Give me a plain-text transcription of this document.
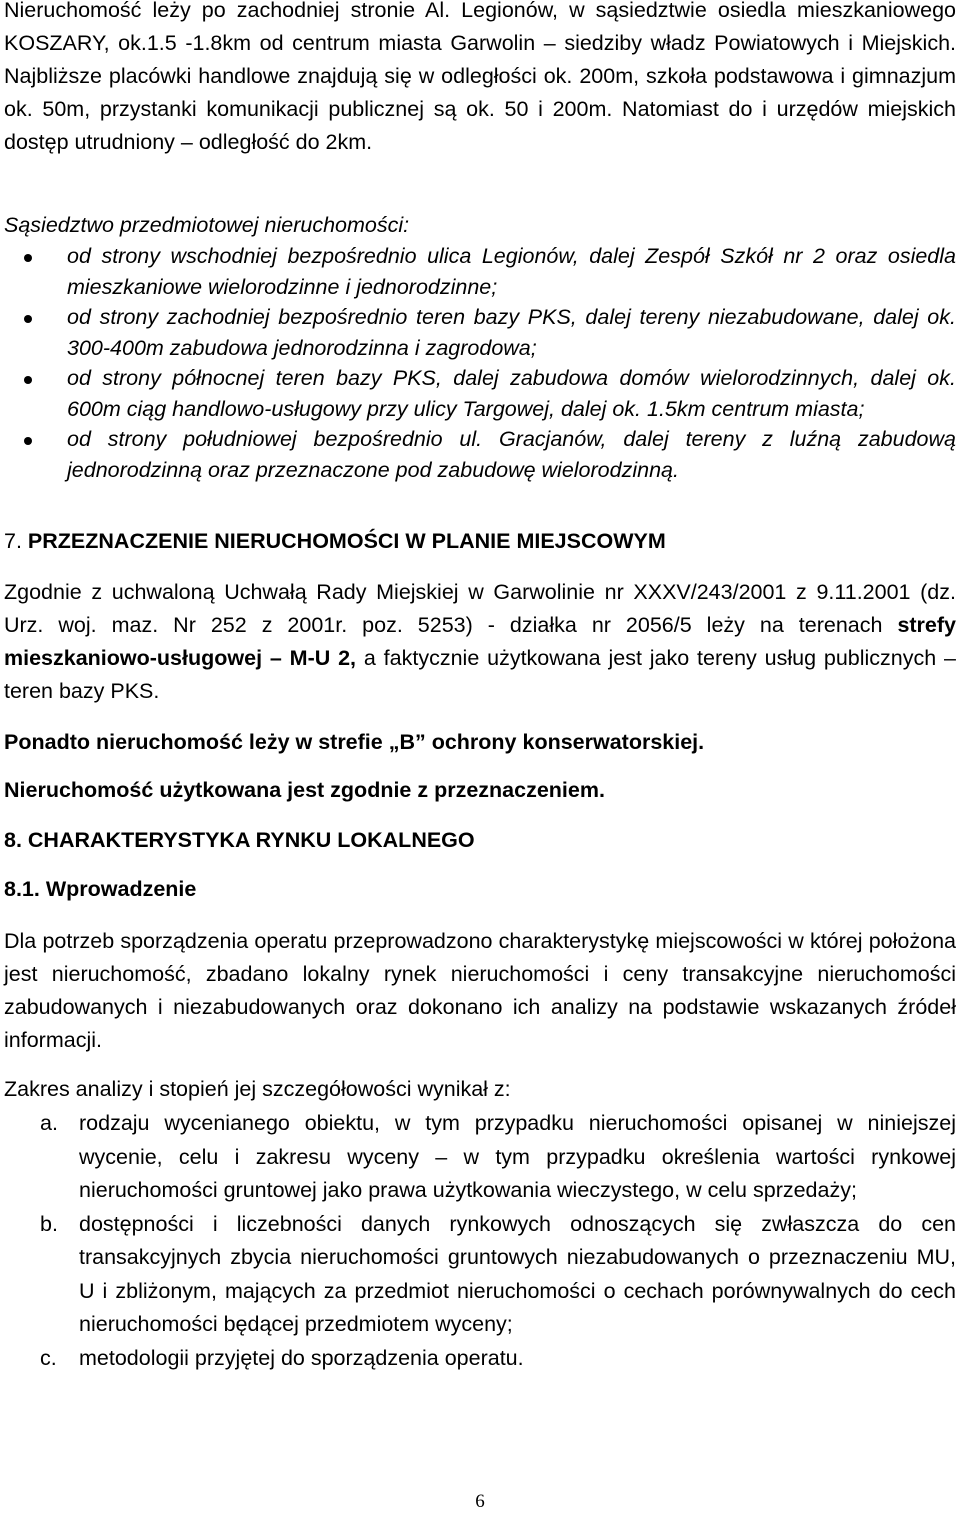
Nieruchomość leży po zachodniej stronie Al. Legionów, w sąsiedztwie osiedla mieszkaniowego KOSZARY, ok.1.5 -1.8km od centrum miasta Garwolin – siedziby władz Powiatowych i Miejskich. Najbliższe placówki handlowe znajdują się w odległości ok. 200m, szkoła podstawowa i gimnazjum ok. 50m, przystanki komunikacji publicznej są ok. 50 i 200m. Natomiast do i urzędów miejskich dostęp utrudniony – odległość do 2km.

Sąsiedztwo przedmiotowej nieruchomości:

od strony wschodniej bezpośrednio ulica Legionów, dalej Zespół Szkół nr 2 oraz osiedla mieszkaniowe wielorodzinne i jednorodzinne;
od strony zachodniej bezpośrednio teren bazy PKS, dalej tereny niezabudowane, dalej ok. 300-400m zabudowa jednorodzinna i zagrodowa;
od strony północnej teren bazy PKS, dalej zabudowa domów wielorodzinnych, dalej ok. 600m ciąg handlowo-usługowy przy ulicy Targowej, dalej ok. 1.5km centrum miasta;
od strony południowej bezpośrednio ul. Gracjanów, dalej tereny z luźną zabudową jednorodzinną oraz przeznaczone pod zabudowę wielorodzinną.

7. PRZEZNACZENIE NIERUCHOMOŚCI W PLANIE MIEJSCOWYM

Zgodnie z uchwaloną Uchwałą Rady Miejskiej w Garwolinie nr XXXV/243/2001 z 9.11.2001 (dz. Urz. woj. maz. Nr 252 z 2001r. poz. 5253) - działka nr 2056/5 leży na terenach strefy mieszkaniowo-usługowej – M-U 2, a faktycznie użytkowana jest jako tereny usług publicznych – teren bazy PKS.

Ponadto nieruchomość leży w strefie „B” ochrony konserwatorskiej.

Nieruchomość użytkowana jest zgodnie z przeznaczeniem.

8. CHARAKTERYSTYKA RYNKU LOKALNEGO

8.1. Wprowadzenie

Dla potrzeb sporządzenia operatu przeprowadzono charakterystykę miejscowości w której położona jest nieruchomość, zbadano lokalny rynek nieruchomości i ceny transakcyjne nieruchomości zabudowanych i niezabudowanych oraz dokonano ich analizy na podstawie wskazanych źródeł informacji.

Zakres analizy i stopień jej szczegółowości wynikał z:

a. rodzaju wycenianego obiektu, w tym przypadku nieruchomości opisanej w niniejszej wycenie, celu i zakresu wyceny – w tym przypadku określenia wartości rynkowej nieruchomości gruntowej jako prawa użytkowania wieczystego, w celu sprzedaży;
b. dostępności i liczebności danych rynkowych odnoszących się zwłaszcza do cen transakcyjnych zbycia nieruchomości gruntowych niezabudowanych o przeznaczeniu MU, U i zbliżonym, mających za przedmiot nieruchomości o cechach porównywalnych do cech nieruchomości będącej przedmiotem wyceny;
c. metodologii przyjętej do sporządzenia operatu.
6
